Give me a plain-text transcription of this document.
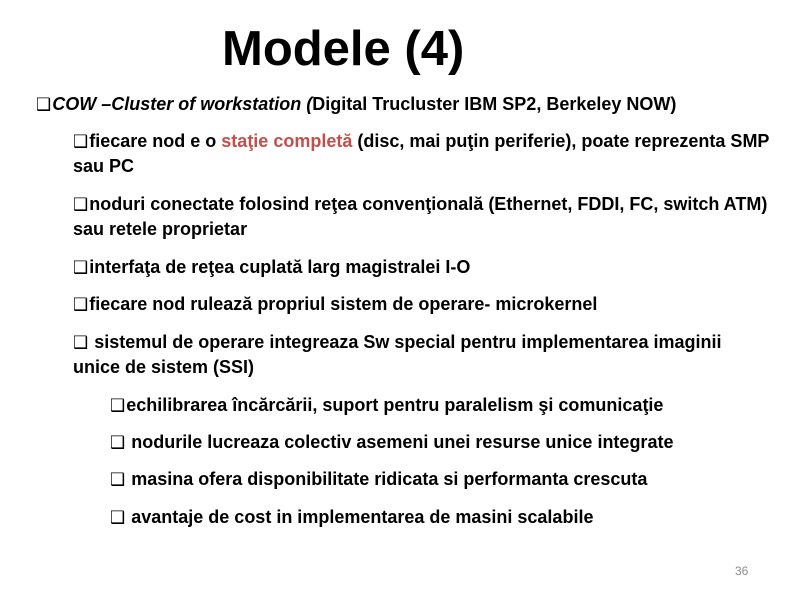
Modele (4)
❑COW –Cluster of workstation (Digital Trucluster IBM SP2, Berkeley NOW)
❑fiecare nod e o staţie completă (disc, mai puţin periferie), poate reprezenta SMP sau PC
❑noduri conectate folosind reţea convenţională (Ethernet, FDDI, FC, switch ATM) sau retele proprietar
❑interfaţa de reţea cuplată larg magistralei I-O
❑fiecare nod rulează propriul sistem de operare- microkernel
❑ sistemul de operare integreaza Sw special pentru implementarea imaginii unice de sistem (SSI)
❑echilibrarea încărcării, suport pentru paralelism şi comunicaţie
❑ nodurile lucreaza colectiv asemeni unei resurse unice integrate
❑ masina ofera disponibilitate ridicata si performanta crescuta
❑ avantaje de cost in implementarea de masini scalabile
36
